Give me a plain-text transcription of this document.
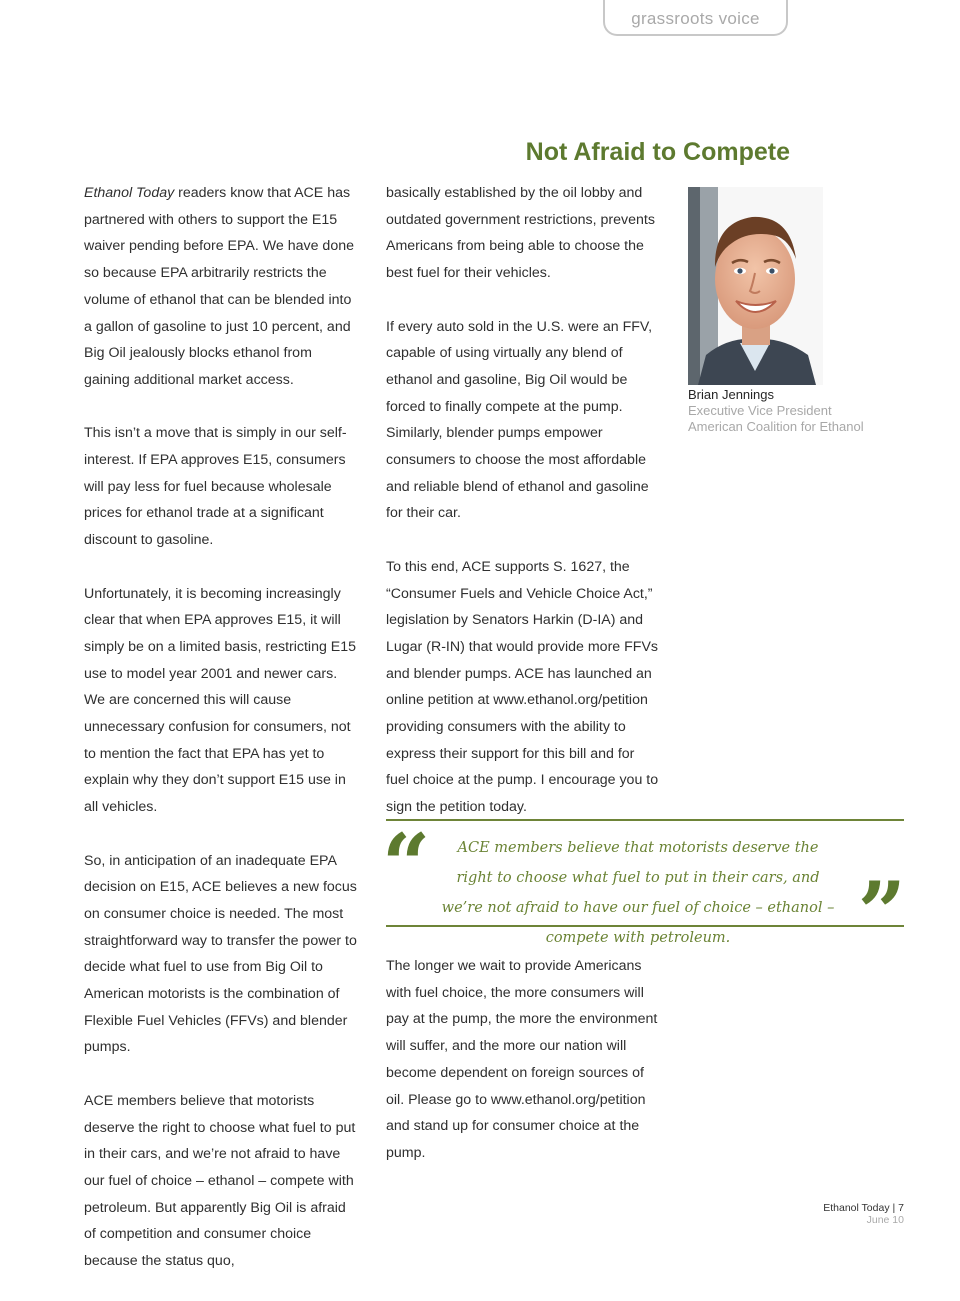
grassroots voice
Not Afraid to Compete

Ethanol Today readers know that ACE has partnered with others to support the E15 waiver pending before EPA. We have done so because EPA arbitrarily restricts the volume of ethanol that can be blended into a gallon of gasoline to just 10 percent, and Big Oil jealously blocks ethanol from gaining additional market access.

This isn’t a move that is simply in our self-interest. If EPA approves E15, consumers will pay less for fuel because wholesale prices for ethanol trade at a significant discount to gasoline.

Unfortunately, it is becoming increasingly clear that when EPA approves E15, it will simply be on a limited basis, restricting E15 use to model year 2001 and newer cars. We are concerned this will cause unnecessary confusion for consumers, not to mention the fact that EPA has yet to explain why they don’t support E15 use in all vehicles.

So, in anticipation of an inadequate EPA decision on E15, ACE believes a new focus on consumer choice is needed. The most straightforward way to transfer the power to decide what fuel to use from Big Oil to American motorists is the combination of Flexible Fuel Vehicles (FFVs) and blender pumps.

ACE members believe that motorists deserve the right to choose what fuel to put in their cars, and we’re not afraid to have our fuel of choice – ethanol – compete with petroleum. But apparently Big Oil is afraid of competition and consumer choice because the status quo,

basically established by the oil lobby and outdated government restrictions, prevents Americans from being able to choose the best fuel for their vehicles.

If every auto sold in the U.S. were an FFV, capable of using virtually any blend of ethanol and gasoline, Big Oil would be forced to finally compete at the pump. Similarly, blender pumps empower consumers to choose the most affordable and reliable blend of ethanol and gasoline for their car.

To this end, ACE supports S. 1627, the “Consumer Fuels and Vehicle Choice Act,” legislation by Senators Harkin (D-IA) and Lugar (R-IN) that would provide more FFVs and blender pumps. ACE has launched an online petition at www.ethanol.org/petition providing consumers with the ability to express their support for this bill and for fuel choice at the pump. I encourage you to sign the petition today.

Brian Jennings
Executive Vice President
American Coalition for Ethanol
“	ACE members believe that motorists deserve the right to choose what fuel to put in their cars, and we’re not afraid to have our fuel of choice – ethanol – compete with petroleum.	”

The longer we wait to provide Americans with fuel choice, the more consumers will pay at the pump, the more the environment will suffer, and the more our nation will become dependent on foreign sources of oil. Please go to www.ethanol.org/petition and stand up for consumer choice at the pump.

Ethanol Today | 7
June 10
